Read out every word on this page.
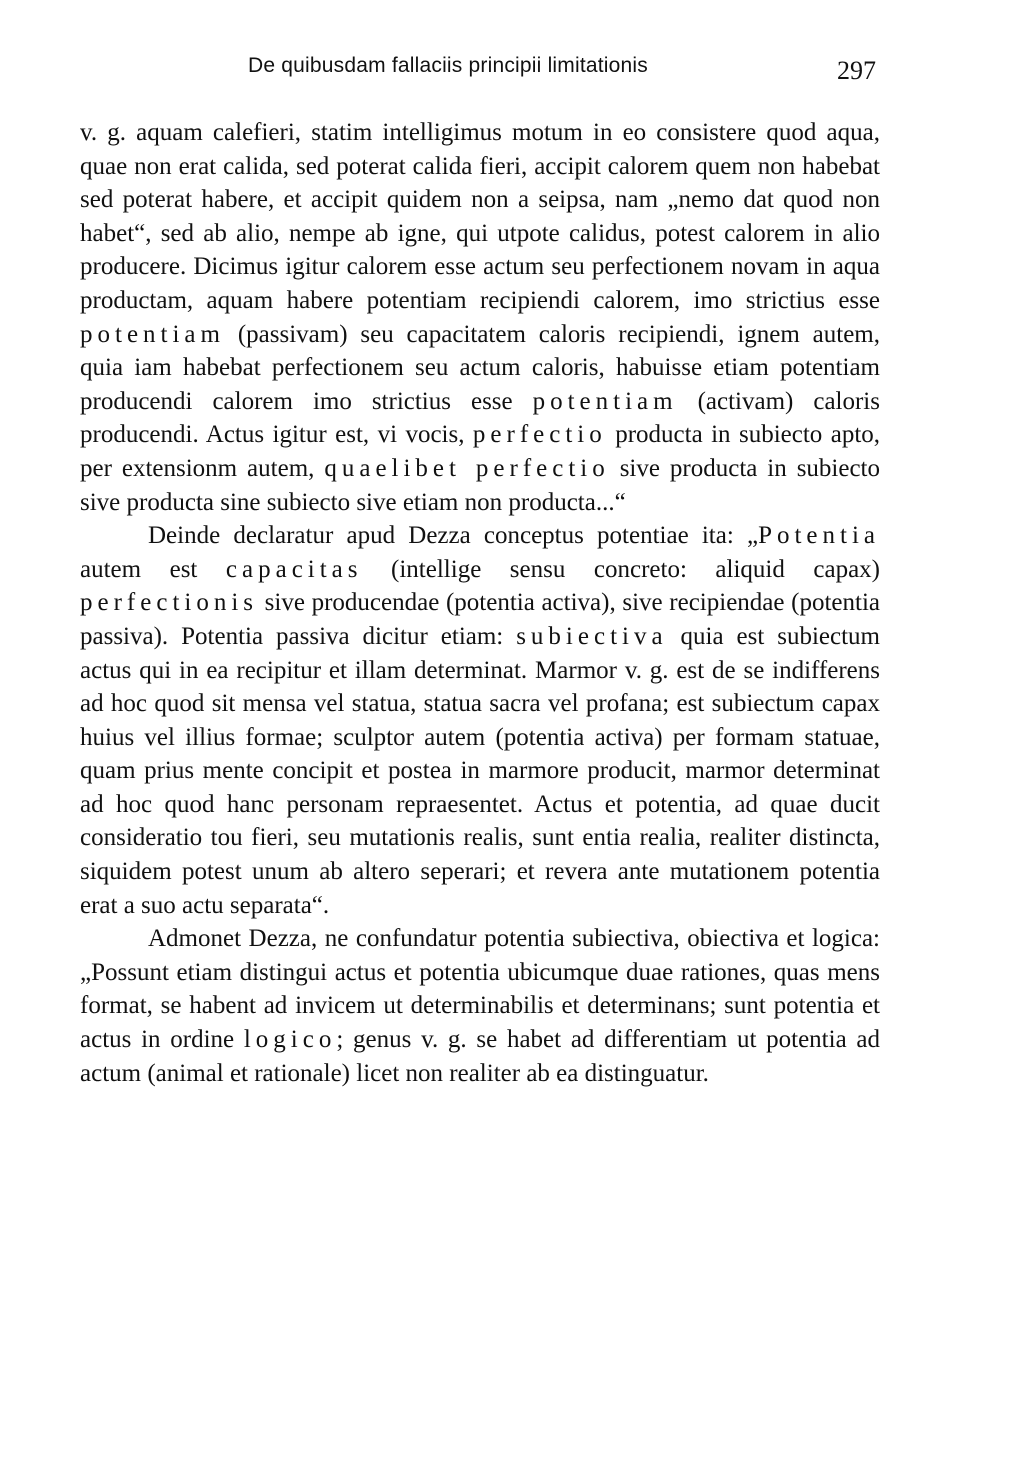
De quibusdam fallaciis principii limitationis	297

v. g. aquam calefieri, statim intelligimus motum in eo consistere quod aqua, quae non erat calida, sed poterat calida fieri, accipit calorem quem non habebat sed poterat habere, et accipit quidem non a seipsa, nam „nemo dat quod non habet“, sed ab alio, nempe ab igne, qui utpote calidus, potest calorem in alio producere. Dicimus igitur calorem esse actum seu perfectionem novam in aqua productam, aquam habere potentiam recipiendi calorem, imo strictius esse potentiam (passivam) seu capacitatem caloris recipiendi, ignem autem, quia iam habebat perfectionem seu actum caloris, habuisse etiam potentiam producendi calorem imo strictius esse potentiam (activam) caloris producendi. Actus igitur est, vi vocis, perfectio producta in subiecto apto, per extensionm autem, quaelibet perfectio sive producta in subiecto sive producta sine subiecto sive etiam non producta...“

Deinde declaratur apud Dezza conceptus potentiae ita: „Potentia autem est capacitas (intellige sensu concreto: aliquid capax) perfectionis sive producendae (potentia activa), sive recipiendae (potentia passiva). Potentia passiva dicitur etiam: subiectiva quia est subiectum actus qui in ea recipitur et illam determinat. Marmor v. g. est de se indifferens ad hoc quod sit mensa vel statua, statua sacra vel profana; est subiectum capax huius vel illius formae; sculptor autem (potentia activa) per formam statuae, quam prius mente concipit et postea in marmore producit, marmor determinat ad hoc quod hanc personam repraesentet. Actus et potentia, ad quae ducit consideratio tou fieri, seu mutationis realis, sunt entia realia, realiter distincta, siquidem potest unum ab altero seperari; et revera ante mutationem potentia erat a suo actu separata“.

Admonet Dezza, ne confundatur potentia subiectiva, obiectiva et logica: „Possunt etiam distingui actus et potentia ubicumque duae rationes, quas mens format, se habent ad invicem ut determinabilis et determinans; sunt potentia et actus in ordine logico; genus v. g. se habet ad differentiam ut potentia ad actum (animal et rationale) licet non realiter ab ea distinguatur.
